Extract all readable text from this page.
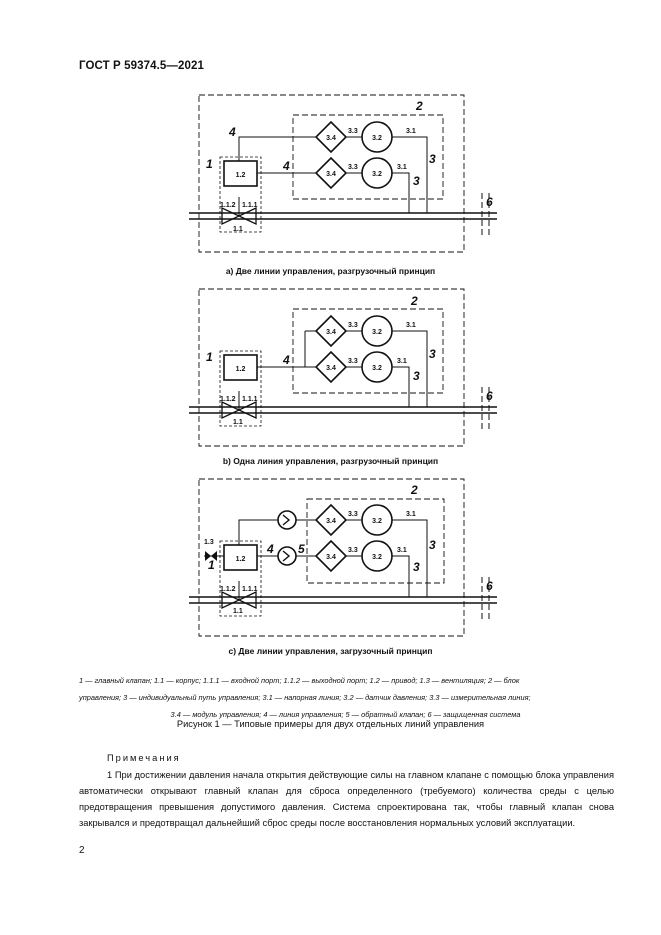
ГОСТ Р 59374.5—2021
2
4
1	4	3
3
6
1.2
1.1.2 1.1.1
1.1
3.3
3.3
3.4
3.4
3.2
3.2
3.1
3.1
2
1	4	3
3
6
1.2
1.1.2 1.1.1
1.1
3.3
3.3
3.4
3.4
3.2
3.2
3.1
3.1
2
1.3
1
4 5	3
3
6
1.2
1.1.2 1.1.1
1.1
3.3
3.3
3.4
3.4
3.2
3.2
3.1
3.1
a) Две линии управления, разгрузочный принцип
b) Одна линия управления, разгрузочный принцип
c) Две линии управления, загрузочный принцип
1 — главный клапан; 1.1 — корпус; 1.1.1 — входной порт; 1.1.2 — выходной порт; 1.2 — привод; 1.3 — вентиляция; 2 — блок
управления; 3 — индивидуальный путь управления; 3.1 — напорная линия; 3.2 — датчик давления; 3.3 — измерительная линия;
3.4 — модуль управления; 4 — линия управления; 5 — обратный клапан; 6 — защищенная система
Рисунок 1 — Типовые примеры для двух отдельных линий управления
Примечания
1 При достижении давления начала открытия действующие силы на главном клапане с помощью блока управления автоматически открывают главный клапан для сброса определенного (требуемого) количества среды с целью предотвращения превышения допустимого давления. Система спроектирована так, чтобы главный клапан снова закрывался и предотвращал дальнейший сброс среды после восстановления нормальных условий эксплуатации.
2
